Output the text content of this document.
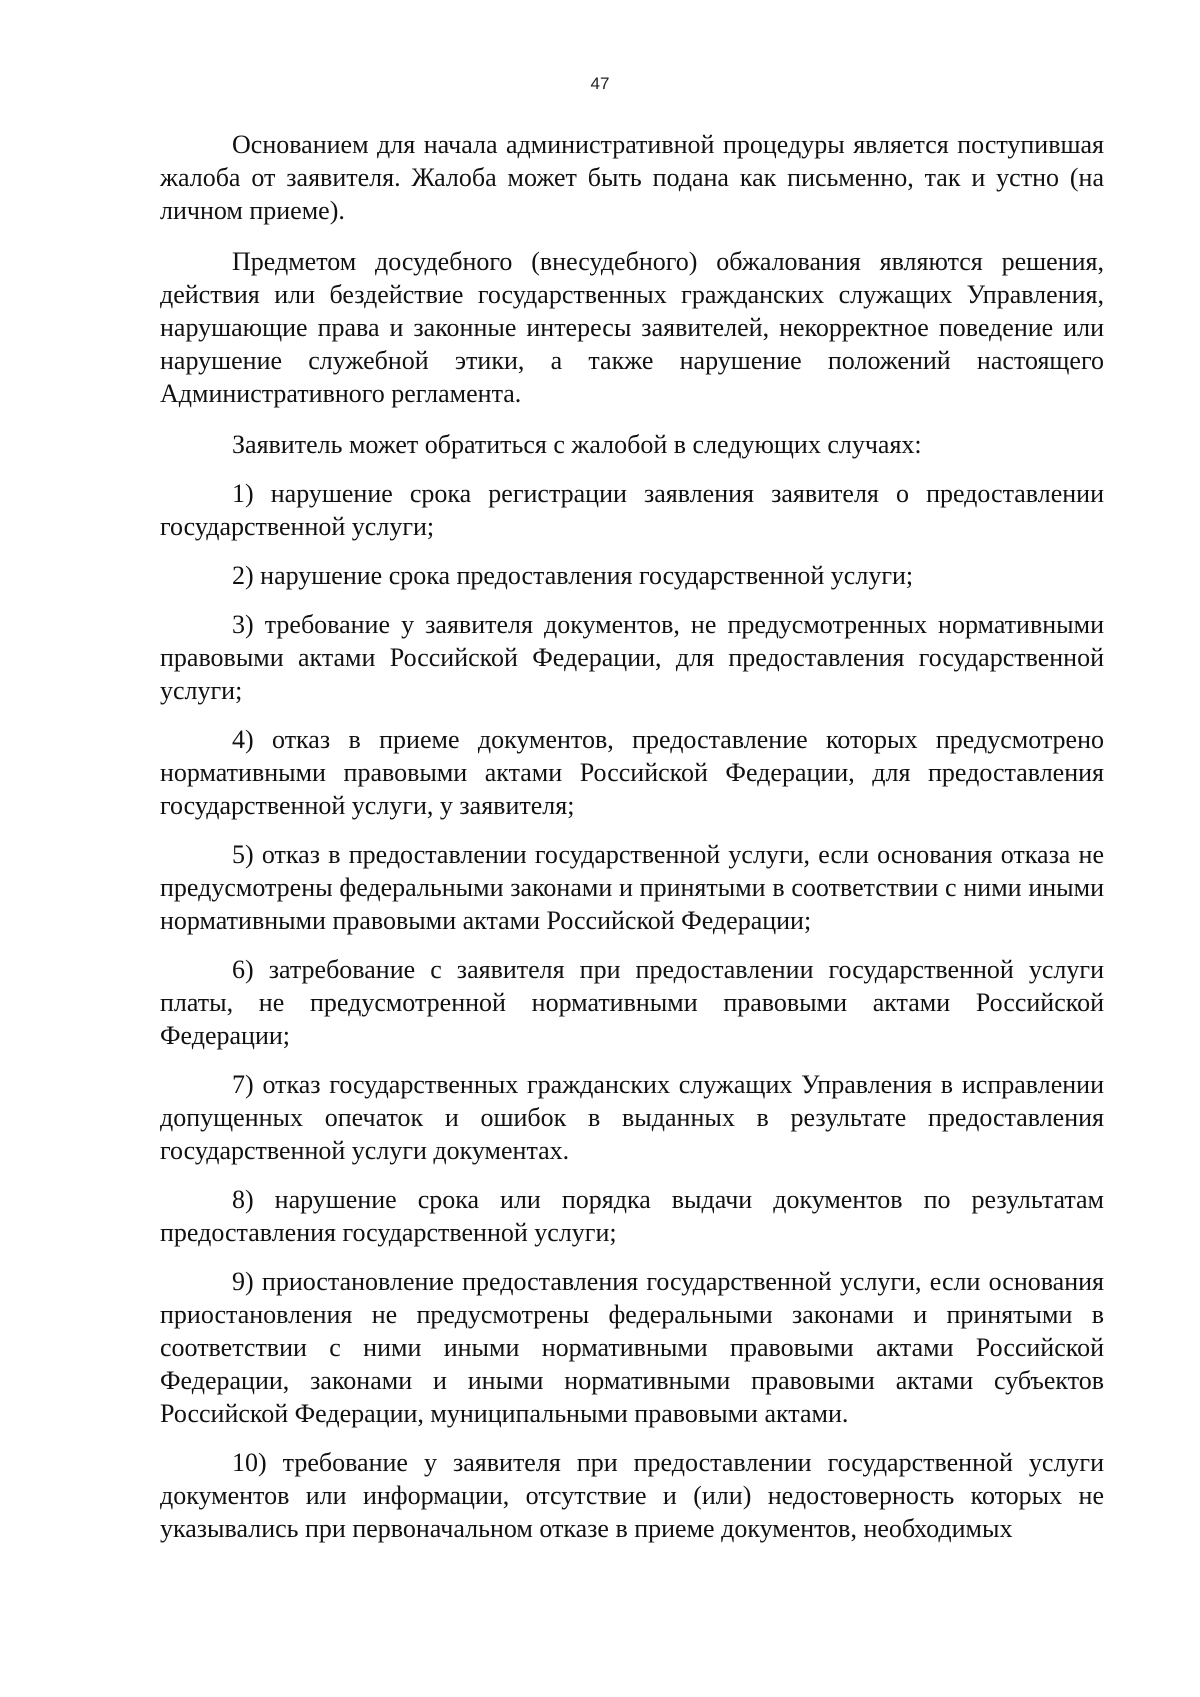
47

Основанием для начала административной процедуры является поступившая жалоба от заявителя. Жалоба может быть подана как письменно, так и устно (на личном приеме).

Предметом досудебного (внесудебного) обжалования являются решения, действия или бездействие государственных гражданских служащих Управления, нарушающие права и законные интересы заявителей, некорректное поведение или нарушение служебной этики, а также нарушение положений настоящего Административного регламента.

Заявитель может обратиться с жалобой в следующих случаях:

1) нарушение срока регистрации заявления заявителя о предоставлении государственной услуги;

2) нарушение срока предоставления государственной услуги;

3) требование у заявителя документов, не предусмотренных нормативными правовыми актами Российской Федерации, для предоставления государственной услуги;

4) отказ в приеме документов, предоставление которых предусмотрено нормативными правовыми актами Российской Федерации, для предоставления государственной услуги, у заявителя;

5) отказ в предоставлении государственной услуги, если основания отказа не предусмотрены федеральными законами и принятыми в соответствии с ними иными нормативными правовыми актами Российской Федерации;

6) затребование с заявителя при предоставлении государственной услуги платы, не предусмотренной нормативными правовыми актами Российской Федерации;

7) отказ государственных гражданских служащих Управления в исправлении допущенных опечаток и ошибок в выданных в результате предоставления государственной услуги документах.

8) нарушение срока или порядка выдачи документов по результатам предоставления государственной услуги;

9) приостановление предоставления государственной услуги, если основания приостановления не предусмотрены федеральными законами и принятыми в соответствии с ними иными нормативными правовыми актами Российской Федерации, законами и иными нормативными правовыми актами субъектов Российской Федерации, муниципальными правовыми актами.

10) требование у заявителя при предоставлении государственной услуги документов или информации, отсутствие и (или) недостоверность которых не указывались при первоначальном отказе в приеме документов, необходимых
